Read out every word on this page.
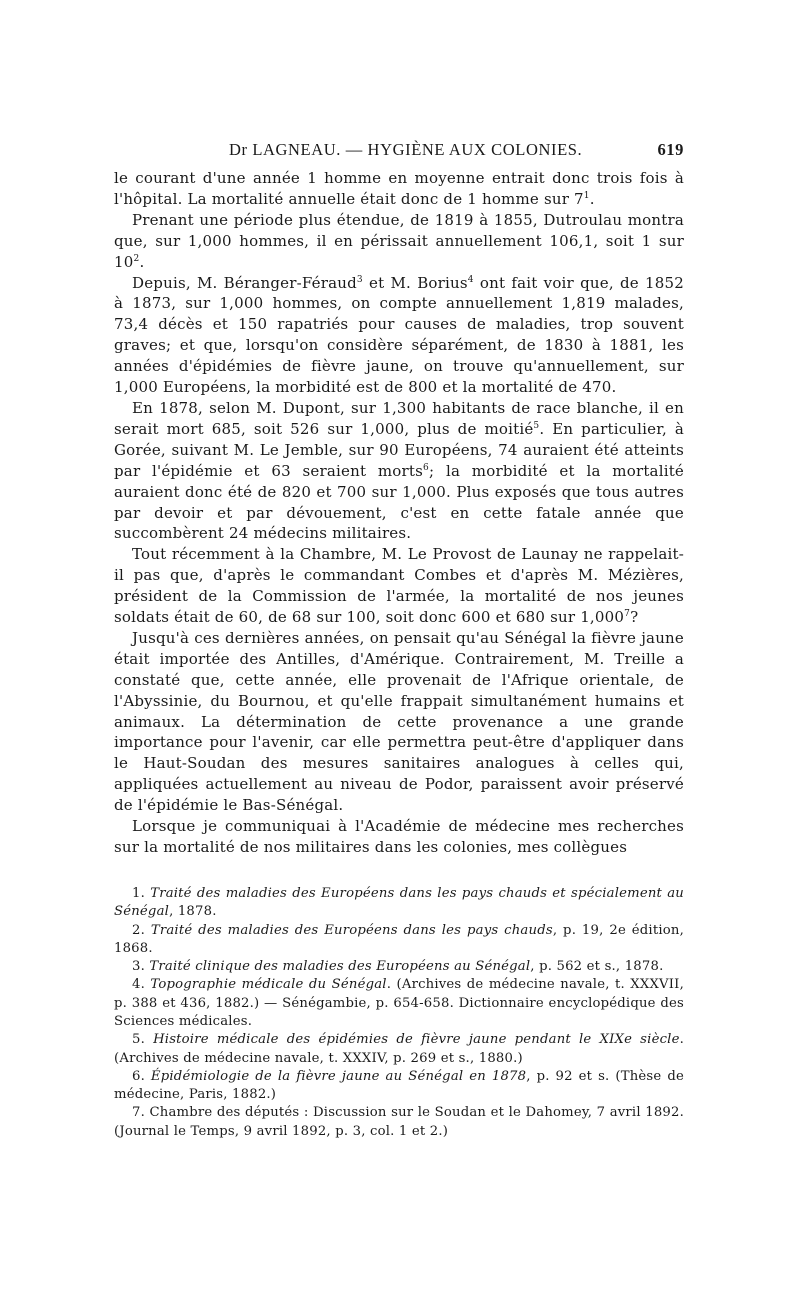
Dr LAGNEAU. — HYGIÈNE AUX COLONIES.	619

le courant d'une année 1 homme en moyenne entrait donc trois fois à l'hôpital. La mortalité annuelle était donc de 1 homme sur $7^1$.

Prenant une période plus étendue, de 1819 à 1855, Dutroulau montra que, sur 1,000 hommes, il en périssait annuellement 106,1, soit 1 sur $10^2$.

Depuis, M. Béranger-Féraud$^3$ et M. Borius$^4$ ont fait voir que, de 1852 à 1873, sur 1,000 hommes, on compte annuellement 1,819 malades, 73,4 décès et 150 rapatriés pour causes de maladies, trop souvent graves; et que, lorsqu'on considère séparément, de 1830 à 1881, les années d'épidémies de fièvre jaune, on trouve qu'annuellement, sur 1,000 Européens, la morbidité est de 800 et la mortalité de 470.

En 1878, selon M. Dupont, sur 1,300 habitants de race blanche, il en serait mort 685, soit 526 sur 1,000, plus de moitié$^5$. En particulier, à Gorée, suivant M. Le Jemble, sur 90 Européens, 74 auraient été atteints par l'épidémie et 63 seraient morts$^6$; la morbidité et la mortalité auraient donc été de 820 et 700 sur 1,000. Plus exposés que tous autres par devoir et par dévouement, c'est en cette fatale année que succombèrent 24 médecins militaires.

Tout récemment à la Chambre, M. Le Provost de Launay ne rappelait-il pas que, d'après le commandant Combes et d'après M. Mézières, président de la Commission de l'armée, la mortalité de nos jeunes soldats était de 60, de 68 sur 100, soit donc 600 et 680 sur 1,000$^7$?

Jusqu'à ces dernières années, on pensait qu'au Sénégal la fièvre jaune était importée des Antilles, d'Amérique. Contrairement, M. Treille a constaté que, cette année, elle provenait de l'Afrique orientale, de l'Abyssinie, du Bournou, et qu'elle frappait simultanément humains et animaux. La détermination de cette provenance a une grande importance pour l'avenir, car elle permettra peut-être d'appliquer dans le Haut-Soudan des mesures sanitaires analogues à celles qui, appliquées actuellement au niveau de Podor, paraissent avoir préservé de l'épidémie le Bas-Sénégal.

Lorsque je communiquai à l'Académie de médecine mes recherches sur la mortalité de nos militaires dans les colonies, mes collègues

1. Traité des maladies des Européens dans les pays chauds et spécialement au Sénégal, 1878.

2. Traité des maladies des Européens dans les pays chauds, p. 19, 2e édition, 1868.

3. Traité clinique des maladies des Européens au Sénégal, p. 562 et s., 1878.

4. Topographie médicale du Sénégal. (Archives de médecine navale, t. XXXVII, p. 388 et 436, 1882.) — Sénégambie, p. 654-658. Dictionnaire encyclopédique des Sciences médicales.

5. Histoire médicale des épidémies de fièvre jaune pendant le XIXe siècle. (Archives de médecine navale, t. XXXIV, p. 269 et s., 1880.)

6. Épidémiologie de la fièvre jaune au Sénégal en 1878, p. 92 et s. (Thèse de médecine, Paris, 1882.)

7. Chambre des députés : Discussion sur le Soudan et le Dahomey, 7 avril 1892. (Journal le Temps, 9 avril 1892, p. 3, col. 1 et 2.)
